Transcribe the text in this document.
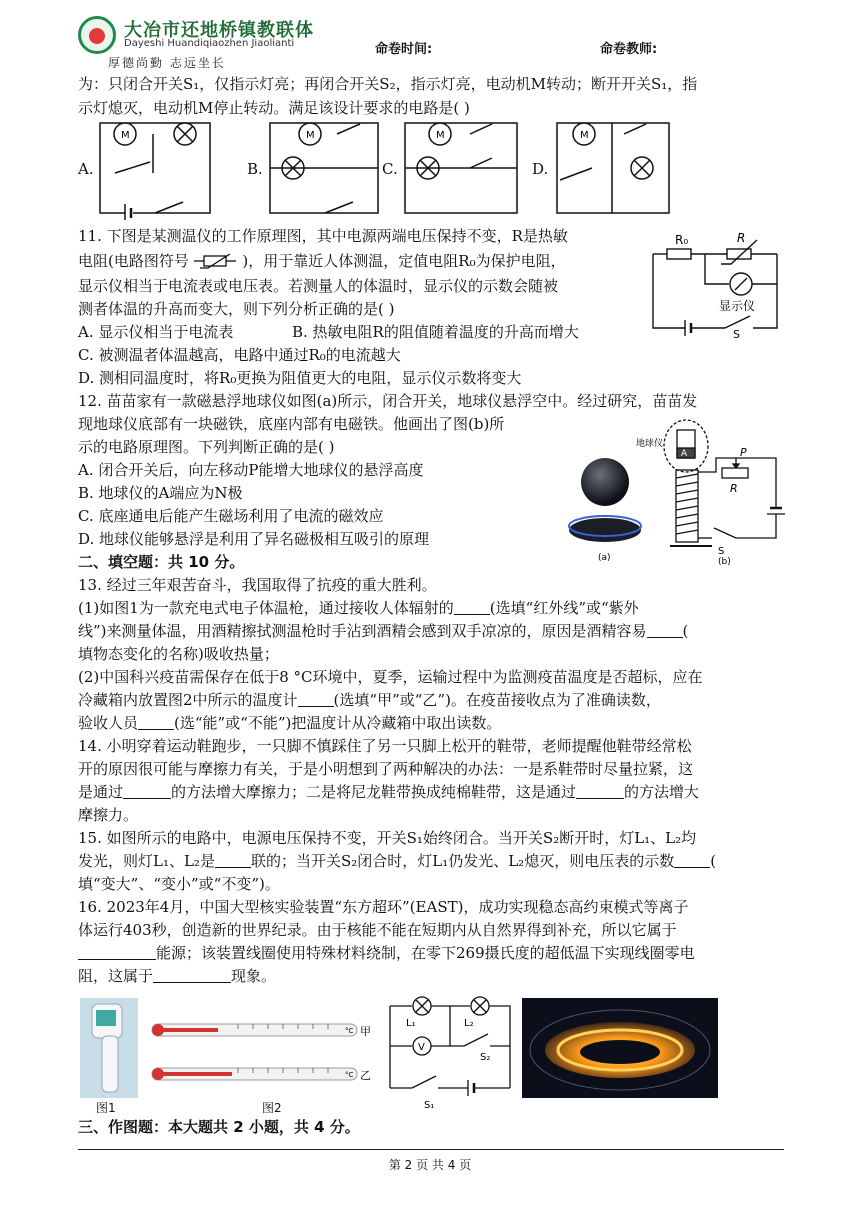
大冶市还地桥镇教联体
Dayeshi Huandiqiaozhen Jiaolianti
厚德尚勤 志远坐长
命卷时间:	命卷教师:
为：只闭合开关S₁，仅指示灯亮；再闭合开关S₂，指示灯亮，电动机M转动；断开开关S₁，指
示灯熄灭，电动机M停止转动。满足该设计要求的电路是( )
A.	B.	C.	D.
M	M	M	M
11. 下图是某测温仪的工作原理图，其中电源两端电压保持不变，R是热敏
电阻(电路图符号	)，用于靠近人体测温，定值电阻R₀为保护电阻，
显示仪相当于电流表或电压表。若测量人的体温时，显示仪的示数会随被
测者体温的升高而变大，则下列分析正确的是( )
A. 显示仪相当于电流表	B. 热敏电阻R的阻值随着温度的升高而增大
C. 被测温者体温越高，电路中通过R₀的电流越大
D. 测相同温度时，将R₀更换为阻值更大的电阻，显示仪示数将变大
R₀	R
显示仪
S
12. 苗苗家有一款磁悬浮地球仪如图(a)所示，闭合开关，地球仪悬浮空中。经过研究，苗苗发
现地球仪底部有一块磁铁，底座内部有电磁铁。他画出了图(b)所
示的电路原理图。下列判断正确的是( )
A. 闭合开关后，向左移动P能增大地球仪的悬浮高度
B. 地球仪的A端应为N极
C. 底座通电后能产生磁场利用了电流的磁效应
D. 地球仪能够悬浮是利用了异名磁极相互吸引的原理
(a)
地球仪
A	P
R
S
(b)
二、填空题：共 10 分。
13. 经过三年艰苦奋斗，我国取得了抗疫的重大胜利。
(1)如图1为一款充电式电子体温枪，通过接收人体辐射的 (选填“红外线”或“紫外
线”)来测量体温，用酒精擦拭测温枪时手沾到酒精会感到双手凉凉的，原因是酒精容易 (
填物态变化的名称)吸收热量；
(2)中国科兴疫苗需保存在低于8 °C环境中，夏季，运输过程中为监测疫苗温度是否超标，应在
冷藏箱内放置图2中所示的温度计 (选填“甲”或“乙”)。在疫苗接收点为了准确读数，
验收人员 (选“能”或“不能”)把温度计从冷藏箱中取出读数。
14. 小明穿着运动鞋跑步，一只脚不慎踩住了另一只脚上松开的鞋带，老师提醒他鞋带经常松
开的原因很可能与摩擦力有关，于是小明想到了两种解决的办法：一是系鞋带时尽量拉紧，这
是通过	的方法增大摩擦力；二是将尼龙鞋带换成纯棉鞋带，这是通过	的方法增大
摩擦力。
15. 如图所示的电路中，电源电压保持不变，开关S₁始终闭合。当开关S₂断开时，灯L₁、L₂均
发光，则灯L₁、L₂是 联的；当开关S₂闭合时，灯L₁仍发光、L₂熄灭，则电压表的示数 (
填“变大”、“变小”或“不变”)。
16. 2023年4月，中国大型核实验装置“东方超环”(EAST)，成功实现稳态高约束模式等离子
体运行403秒，创造新的世界纪录。由于核能不能在短期内从自然界得到补充，所以它属于
能源；该装置线圈使用特殊材料绕制，在零下269摄氏度的超低温下实现线圈零电
阻，这属于	现象。
图1
°C
°C
甲
乙
图2
L₁	L₂
V
S₂
S₁
三、作图题：本大题共 2 小题，共 4 分。
第 2 页 共 4 页
